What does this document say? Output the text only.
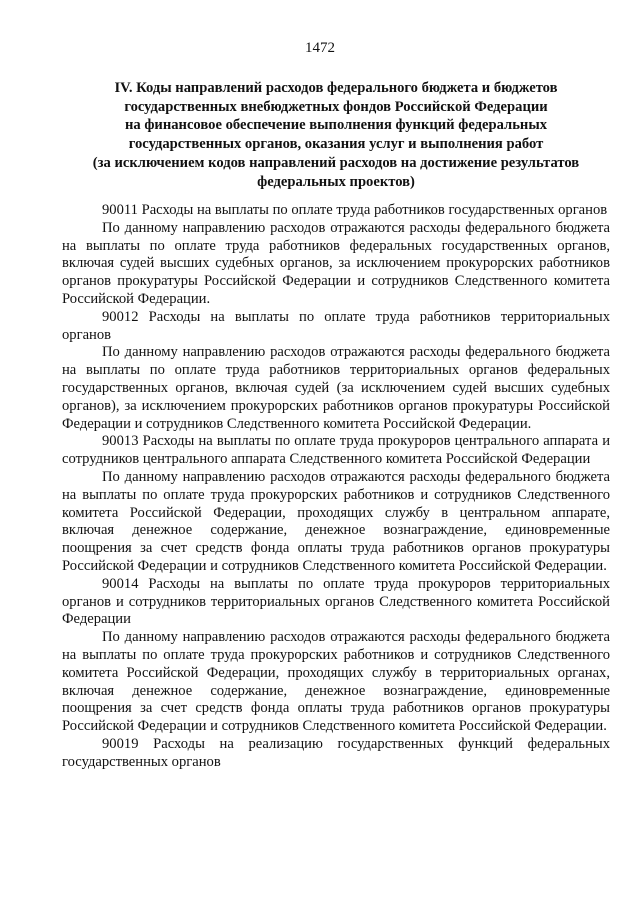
1472
IV. Коды направлений расходов федерального бюджета и бюджетов
государственных внебюджетных фондов Российской Федерации
на финансовое обеспечение выполнения функций федеральных
государственных органов, оказания услуг и выполнения работ
(за исключением кодов направлений расходов на достижение результатов
федеральных проектов)

90011 Расходы на выплаты по оплате труда работников государственных органов

По данному направлению расходов отражаются расходы федерального бюджета на выплаты по оплате труда работников федеральных государственных органов, включая судей высших судебных органов, за исключением прокурорских работников органов прокуратуры Российской Федерации и сотрудников Следственного комитета Российской Федерации.

90012 Расходы на выплаты по оплате труда работников территориальных органов

По данному направлению расходов отражаются расходы федерального бюджета на выплаты по оплате труда работников территориальных органов федеральных государственных органов, включая судей (за исключением судей высших судебных органов), за исключением прокурорских работников органов прокуратуры Российской Федерации и сотрудников Следственного комитета Российской Федерации.

90013 Расходы на выплаты по оплате труда прокуроров центрального аппарата и сотрудников центрального аппарата Следственного комитета Российской Федерации

По данному направлению расходов отражаются расходы федерального бюджета на выплаты по оплате труда прокурорских работников и сотрудников Следственного комитета Российской Федерации, проходящих службу в центральном аппарате, включая денежное содержание, денежное вознаграждение, единовременные поощрения за счет средств фонда оплаты труда работников органов прокуратуры Российской Федерации и сотрудников Следственного комитета Российской Федерации.

90014 Расходы на выплаты по оплате труда прокуроров территориальных органов и сотрудников территориальных органов Следственного комитета Российской Федерации

По данному направлению расходов отражаются расходы федерального бюджета на выплаты по оплате труда прокурорских работников и сотрудников Следственного комитета Российской Федерации, проходящих службу в территориальных органах, включая денежное содержание, денежное вознаграждение, единовременные поощрения за счет средств фонда оплаты труда работников органов прокуратуры Российской Федерации и сотрудников Следственного комитета Российской Федерации.

90019 Расходы на реализацию государственных функций федеральных государственных органов
